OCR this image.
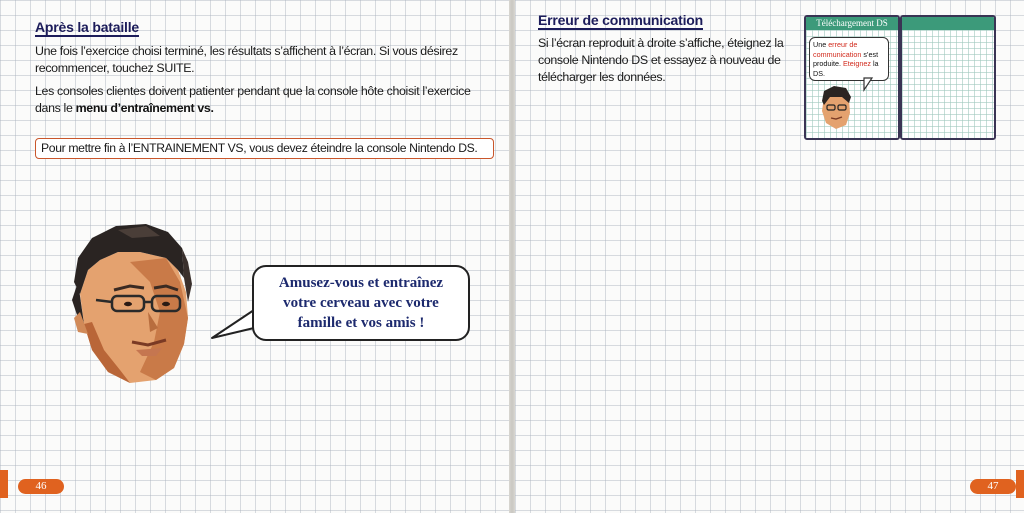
Après la bataille

Une fois l’exercice choisi terminé, les résultats s’affichent à l’écran. Si vous désirez recommencer, touchez SUITE.

Les consoles clientes doivent patienter pendant que la console hôte choisit l’exercice dans le menu d’entraînement vs.

Pour mettre fin à l’ENTRAINEMENT VS, vous devez éteindre la console Nintendo DS.
Amusez-vous et entraînez
votre cerveau avec votre
famille et vos amis !
46
Erreur de communication

Si l’écran reproduit à droite s’affiche, éteignez la console Nintendo DS et essayez à nouveau de télécharger les données.

47
Téléchargement DS
Une erreur de communication s’est produite. Eteignez la DS.
